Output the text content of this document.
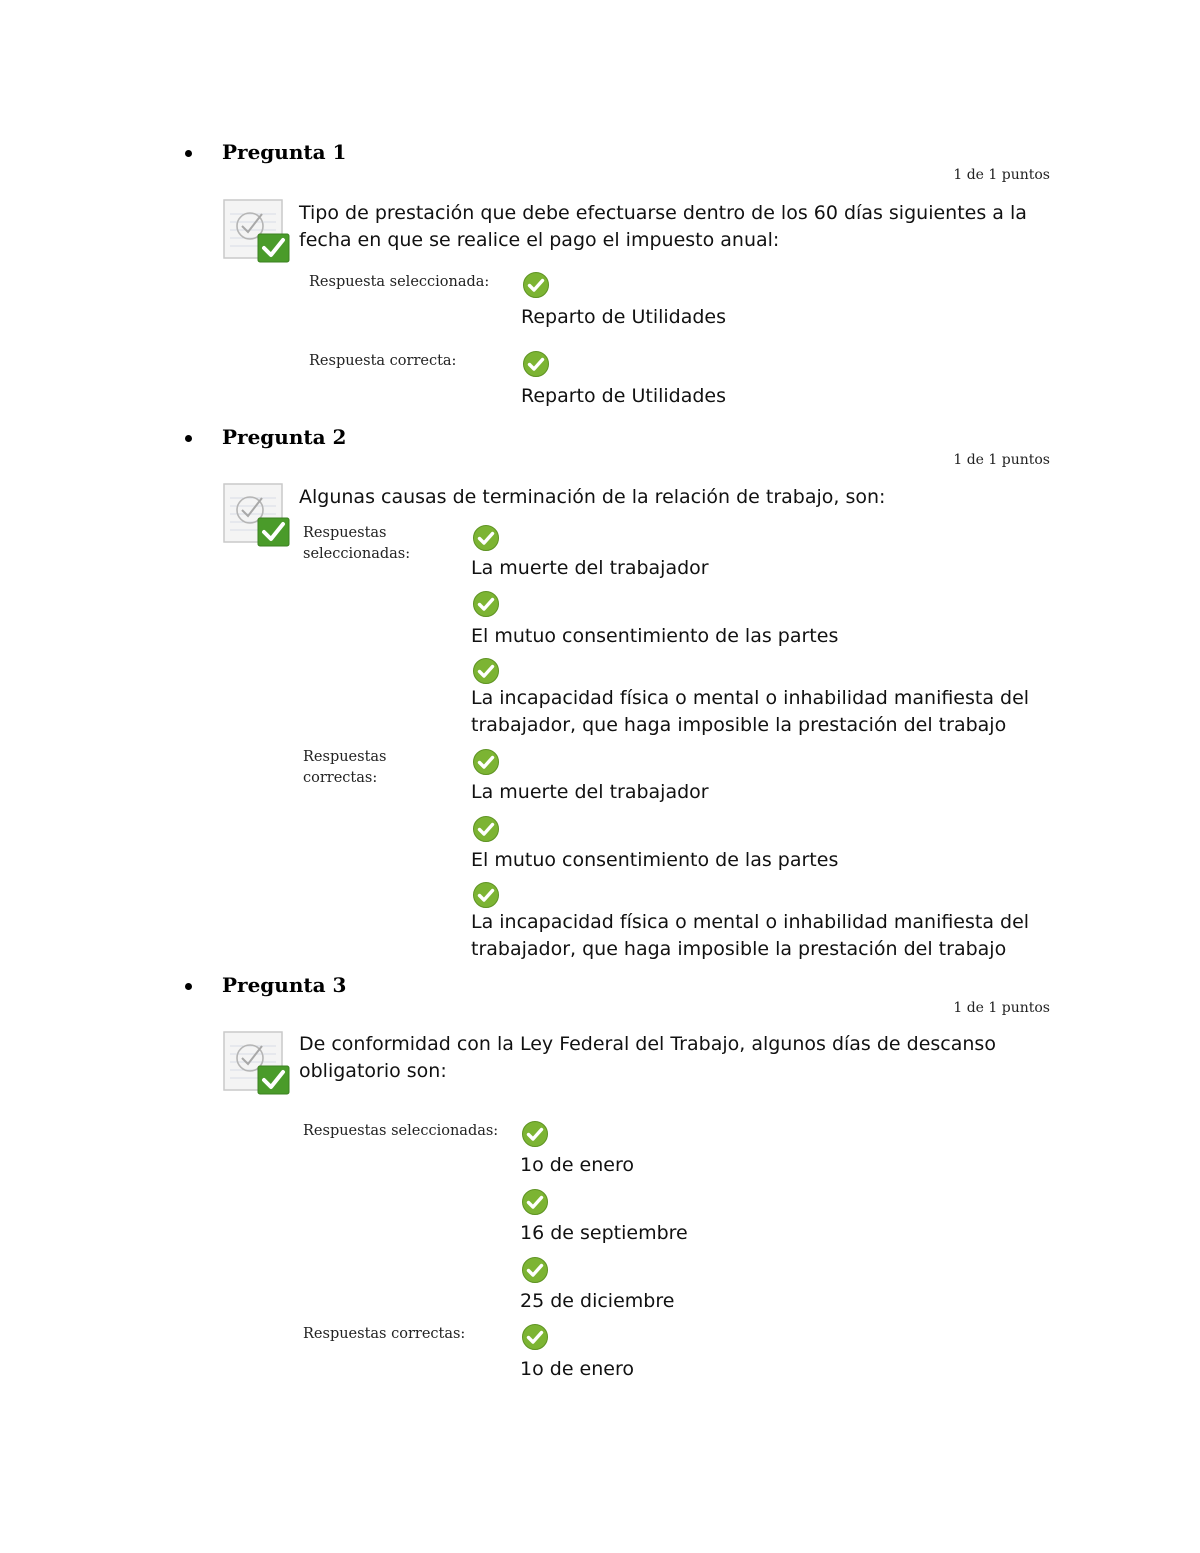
Pregunta 1
1 de 1 puntos
Tipo de prestación que debe efectuarse dentro de los 60 días siguientes a la fecha en que se realice el pago el impuesto anual:
Respuesta seleccionada:
Reparto de Utilidades
Respuesta correcta:
Reparto de Utilidades
Pregunta 2
1 de 1 puntos
Algunas causas de terminación de la relación de trabajo, son:
Respuestas seleccionadas:
La muerte del trabajador
El mutuo consentimiento de las partes
La incapacidad física o mental o inhabilidad manifiesta del trabajador, que haga imposible la prestación del trabajo
Respuestas correctas:
La muerte del trabajador
El mutuo consentimiento de las partes
La incapacidad física o mental o inhabilidad manifiesta del trabajador, que haga imposible la prestación del trabajo
Pregunta 3
1 de 1 puntos
De conformidad con la Ley Federal del Trabajo, algunos días de descanso obligatorio son:
Respuestas seleccionadas:
1o de enero
16 de septiembre
25 de diciembre
Respuestas correctas:
1o de enero
